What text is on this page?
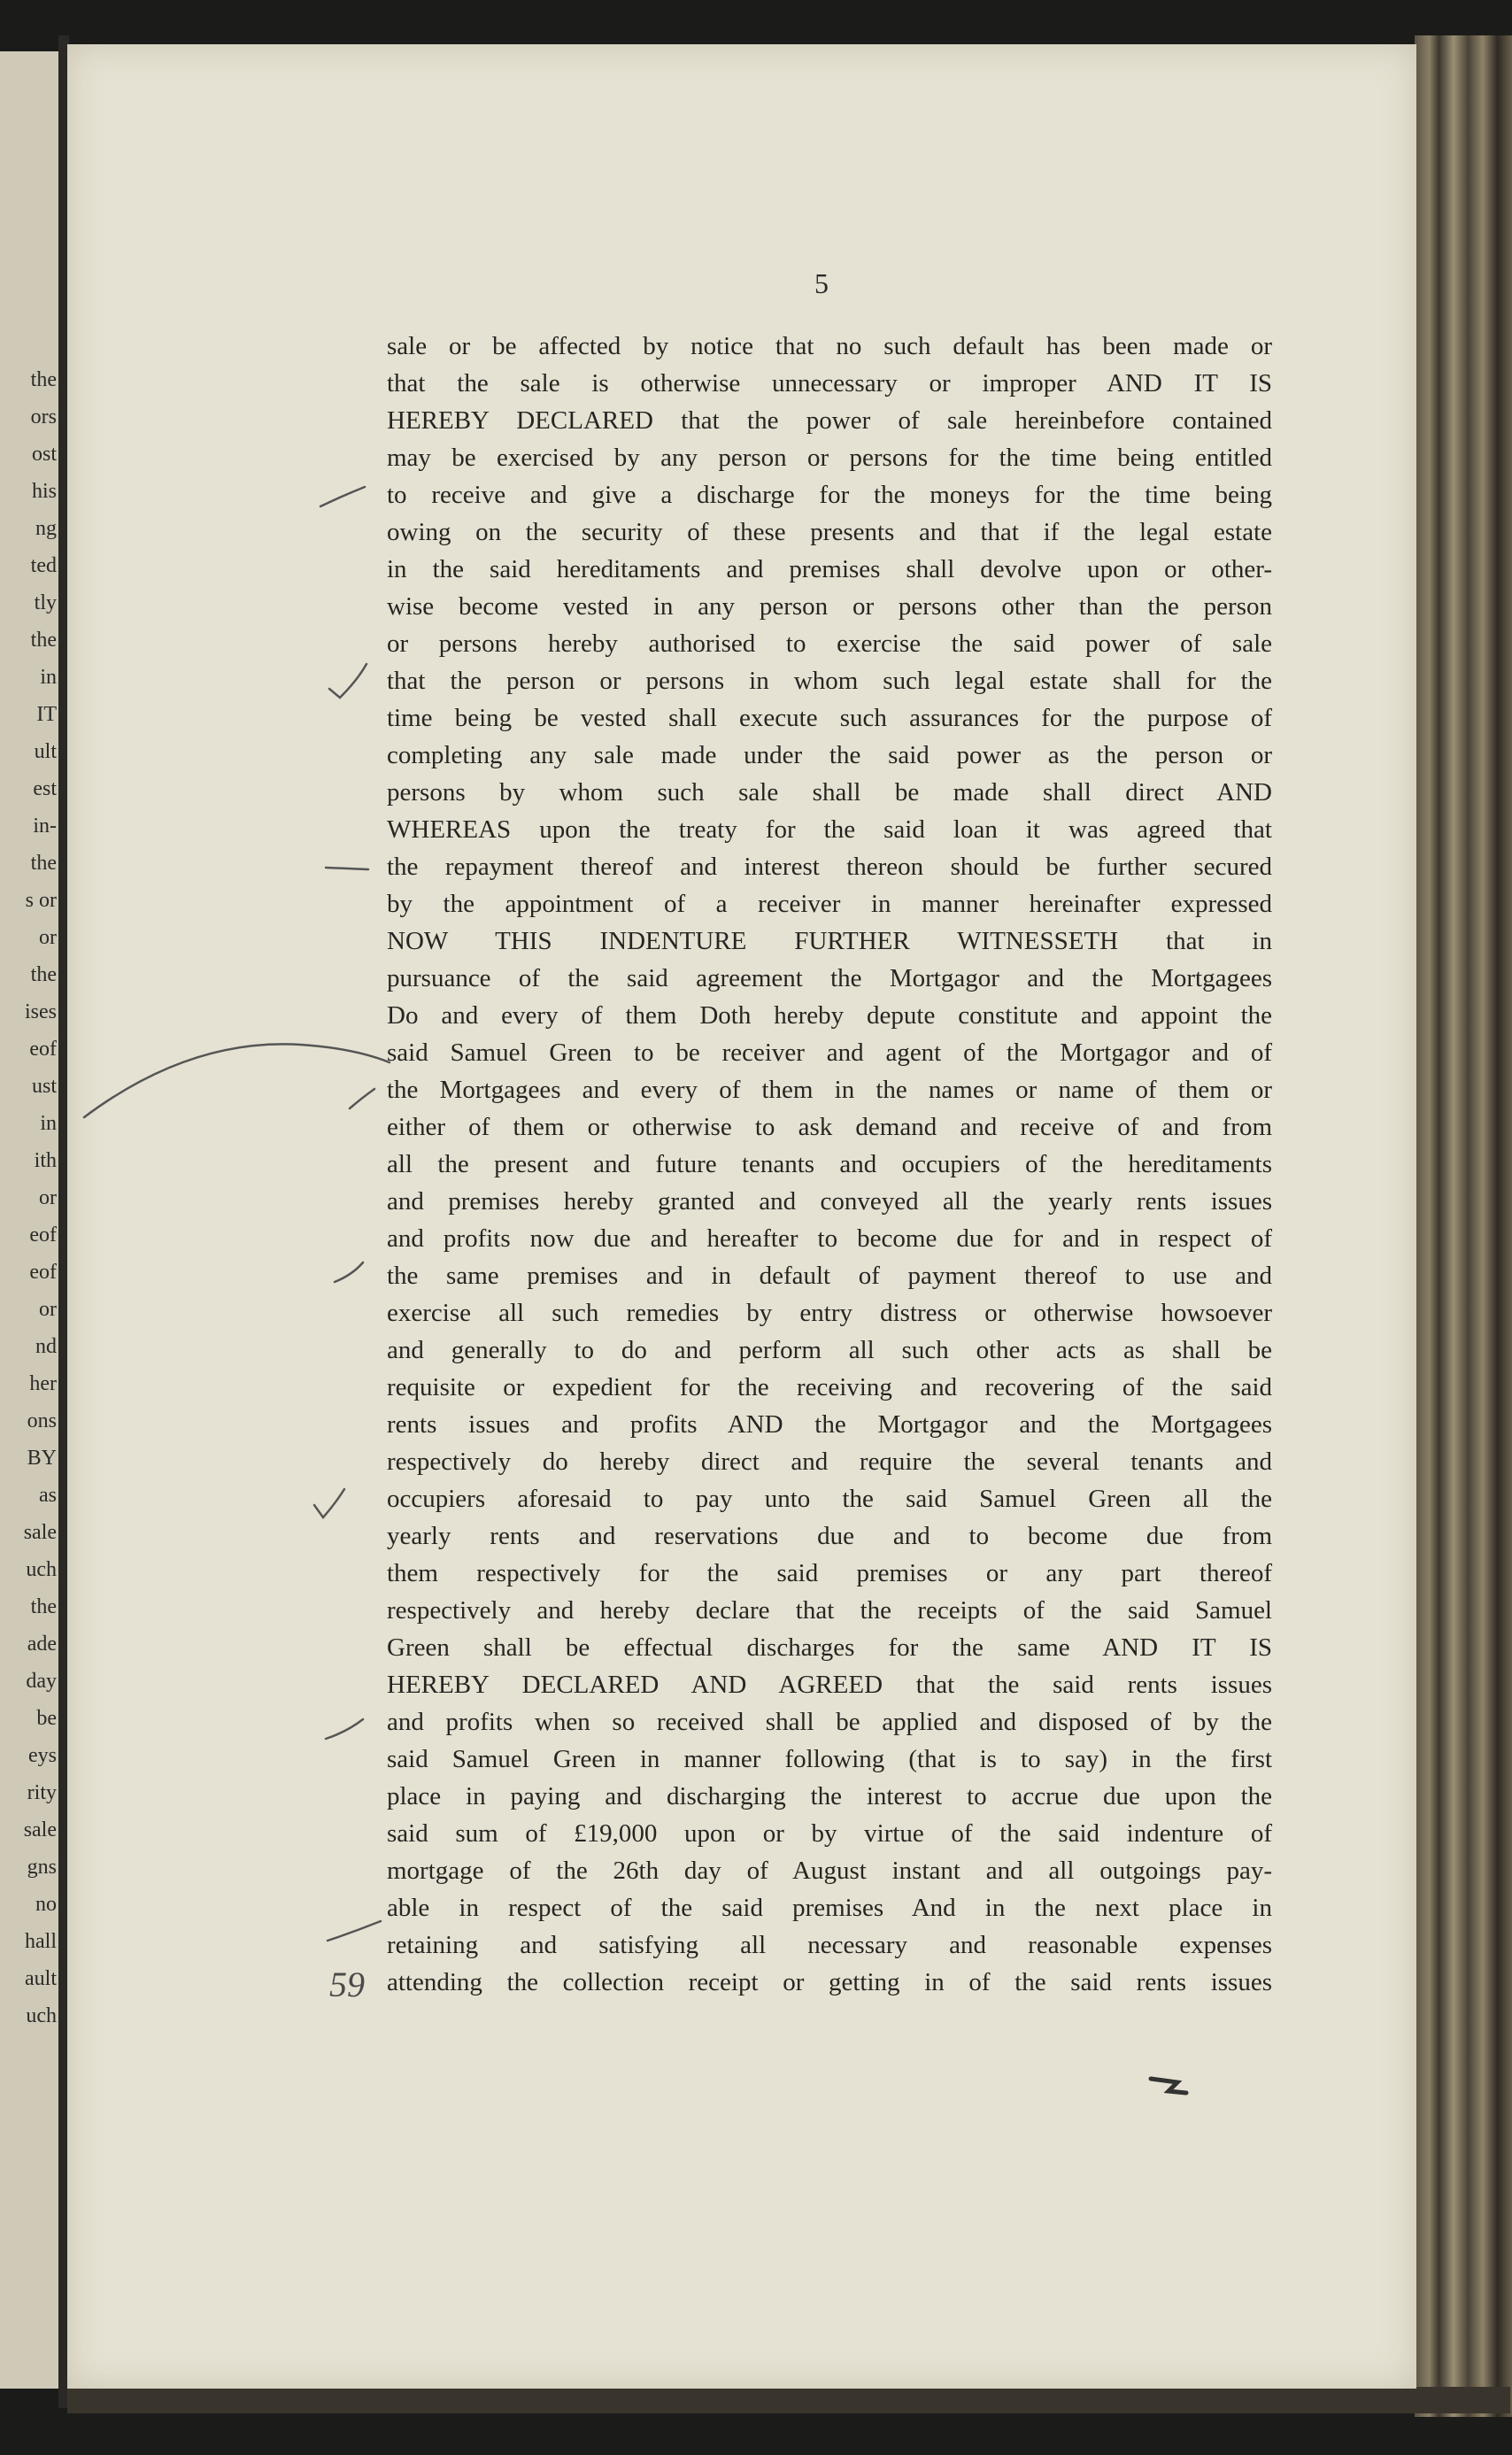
the
ors
ost
his
ng
ted
tly
the
in
IT
ult
est
in-
the
s or
or
the
ises
eof
ust
in
ith
or
eof
eof
or
nd
her
ons
BY
as
sale
uch
the
ade
day
be
eys
rity
sale
gns
no
hall
ault
uch
5
sale or be affected by notice that no such default has been made or
that the sale is otherwise unnecessary or improper AND IT IS
HEREBY DECLARED that the power of sale hereinbefore contained
may be exercised by any person or persons for the time being entitled
to receive and give a discharge for the moneys for the time being
owing on the security of these presents and that if the legal estate
in the said hereditaments and premises shall devolve upon or other-
wise become vested in any person or persons other than the person
or persons hereby authorised to exercise the said power of sale
that the person or persons in whom such legal estate shall for the
time being be vested shall execute such assurances for the purpose of
completing any sale made under the said power as the person or
persons by whom such sale shall be made shall direct AND
WHEREAS upon the treaty for the said loan it was agreed that
the repayment thereof and interest thereon should be further secured
by the appointment of a receiver in manner hereinafter expressed
NOW THIS INDENTURE FURTHER WITNESSETH that in
pursuance of the said agreement the Mortgagor and the Mortgagees
Do and every of them Doth hereby depute constitute and appoint the
said Samuel Green to be receiver and agent of the Mortgagor and of
the Mortgagees and every of them in the names or name of them or
either of them or otherwise to ask demand and receive of and from
all the present and future tenants and occupiers of the hereditaments
and premises hereby granted and conveyed all the yearly rents issues
and profits now due and hereafter to become due for and in respect of
the same premises and in default of payment thereof to use and
exercise all such remedies by entry distress or otherwise howsoever
and generally to do and perform all such other acts as shall be
requisite or expedient for the receiving and recovering of the said
rents issues and profits AND the Mortgagor and the Mortgagees
respectively do hereby direct and require the several tenants and
occupiers aforesaid to pay unto the said Samuel Green all the
yearly rents and reservations due and to become due from
them respectively for the said premises or any part thereof
respectively and hereby declare that the receipts of the said Samuel
Green shall be effectual discharges for the same AND IT IS
HEREBY DECLARED AND AGREED that the said rents issues
and profits when so received shall be applied and disposed of by the
said Samuel Green in manner following (that is to say) in the first
place in paying and discharging the interest to accrue due upon the
said sum of £19,000 upon or by virtue of the said indenture of
mortgage of the 26th day of August instant and all outgoings pay-
able in respect of the said premises And in the next place in
retaining and satisfying all necessary and reasonable expenses
attending the collection receipt or getting in of the said rents issues
59
